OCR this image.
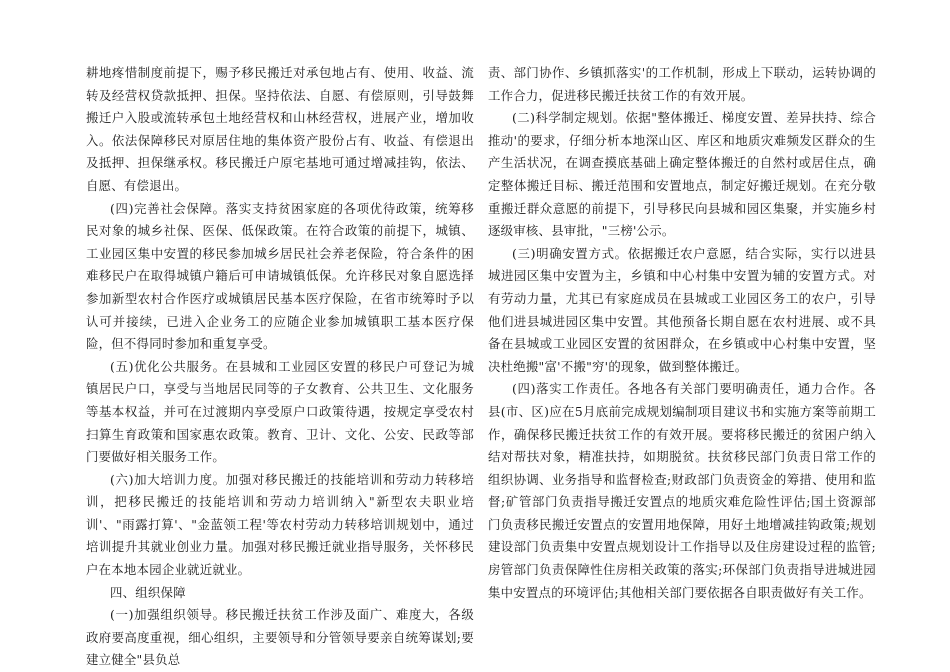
耕地疼惜制度前提下，赐予移民搬迁对承包地占有、使用、收益、流转及经营权贷款抵押、担保。坚持依法、自愿、有偿原则，引导鼓舞搬迁户入股或流转承包土地经营权和山林经营权，进展产业，增加收入。依法保障移民对原居住地的集体资产股份占有、收益、有偿退出及抵押、担保继承权。移民搬迁户原宅基地可通过增减挂钩，依法、自愿、有偿退出。

(四)完善社会保障。落实支持贫困家庭的各项优待政策，统筹移民对象的城乡社保、医保、低保政策。在符合政策的前提下，城镇、工业园区集中安置的移民参加城乡居民社会养老保险，符合条件的困难移民户在取得城镇户籍后可申请城镇低保。允许移民对象自愿选择参加新型农村合作医疗或城镇居民基本医疗保险，在省市统筹时予以认可并接续，已进入企业务工的应随企业参加城镇职工基本医疗保险，但不得同时参加和重复享受。

(五)优化公共服务。在县城和工业园区安置的移民户可登记为城镇居民户口，享受与当地居民同等的子女教育、公共卫生、文化服务等基本权益，并可在过渡期内享受原户口政策待遇，按规定享受农村扫算生育政策和国家惠农政策。教育、卫计、文化、公安、民政等部门要做好相关服务工作。

(六)加大培训力度。加强对移民搬迁的技能培训和劳动力转移培训，把移民搬迁的技能培训和劳动力培训纳入"新型农夫职业培训'、"雨露打算'、"金蓝领工程'等农村劳动力转移培训规划中，通过培训提升其就业创业力量。加强对移民搬迁就业指导服务，关怀移民户在本地本园企业就近就业。

四、组织保障

(一)加强组织领导。移民搬迁扶贫工作涉及面广、难度大，各级政府要高度重视，细心组织，主要领导和分管领导要亲自统筹谋划;要建立健全"县负总

责、部门协作、乡镇抓落实'的工作机制，形成上下联动，运转协调的工作合力，促进移民搬迁扶贫工作的有效开展。

(二)科学制定规划。依据"整体搬迁、梯度安置、差异扶持、综合推动'的要求，仔细分析本地深山区、库区和地质灾难频发区群众的生产生活状况，在调查摸底基础上确定整体搬迁的自然村或居住点，确定整体搬迁目标、搬迁范围和安置地点，制定好搬迁规划。在充分敬重搬迁群众意愿的前提下，引导移民向县城和园区集聚，并实施乡村逐级审核、县审批，"三榜'公示。

(三)明确安置方式。依据搬迁农户意愿，结合实际，实行以进县城进园区集中安置为主，乡镇和中心村集中安置为辅的安置方式。对有劳动力量，尤其已有家庭成员在县城或工业园区务工的农户，引导他们进县城进园区集中安置。其他预备长期自愿在农村进展、或不具备在县城或工业园区安置的贫困群众，在乡镇或中心村集中安置，坚决杜绝搬"富'不搬"穷'的现象，做到整体搬迁。

(四)落实工作责任。各地各有关部门要明确责任，通力合作。各县(市、区)应在5月底前完成规划编制项目建议书和实施方案等前期工作，确保移民搬迁扶贫工作的有效开展。要将移民搬迁的贫困户纳入结对帮扶对象，精准扶持，如期脱贫。扶贫移民部门负责日常工作的组织协调、业务指导和监督检查;财政部门负责资金的筹措、使用和监督;矿管部门负责指导搬迁安置点的地质灾难危险性评估;国土资源部门负责移民搬迁安置点的安置用地保障，用好土地增减挂钩政策;规划建设部门负责集中安置点规划设计工作指导以及住房建设过程的监管;房管部门负责保障性住房相关政策的落实;环保部门负责指导进城进园集中安置点的环境评估;其他相关部门要依据各自职责做好有关工作。
